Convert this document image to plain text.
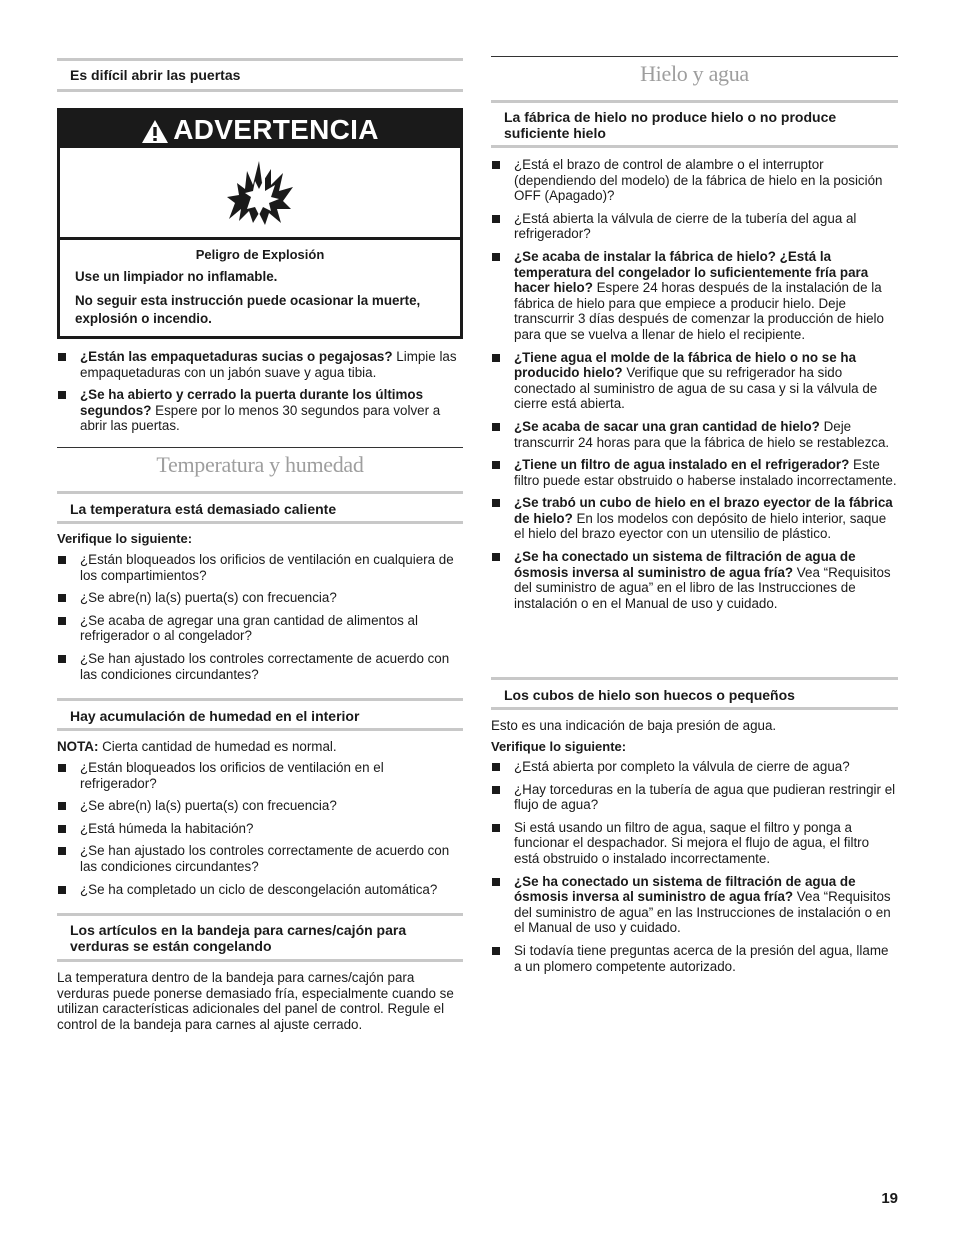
Es difícil abrir las puertas
ADVERTENCIA
Peligro de Explosión
Use un limpiador no inflamable.
No seguir esta instrucción puede ocasionar la muerte, explosión o incendio.
¿Están las empaquetaduras sucias o pegajosas? Limpie las empaquetaduras con un jabón suave y agua tibia.
¿Se ha abierto y cerrado la puerta durante los últimos segundos? Espere por lo menos 30 segundos para volver a abrir las puertas.
Temperatura y humedad
La temperatura está demasiado caliente
Verifique lo siguiente:
¿Están bloqueados los orificios de ventilación en cualquiera de los compartimientos?
¿Se abre(n) la(s) puerta(s) con frecuencia?
¿Se acaba de agregar una gran cantidad de alimentos al refrigerador o al congelador?
¿Se han ajustado los controles correctamente de acuerdo con las condiciones circundantes?
Hay acumulación de humedad en el interior
NOTA: Cierta cantidad de humedad es normal.
¿Están bloqueados los orificios de ventilación en el refrigerador?
¿Se abre(n) la(s) puerta(s) con frecuencia?
¿Está húmeda la habitación?
¿Se han ajustado los controles correctamente de acuerdo con las condiciones circundantes?
¿Se ha completado un ciclo de descongelación automática?
Los artículos en la bandeja para carnes/cajón para
verduras se están congelando
La temperatura dentro de la bandeja para carnes/cajón para verduras puede ponerse demasiado fría, especialmente cuando se utilizan características adicionales del panel de control. Regule el control de la bandeja para carnes al ajuste cerrado.
Hielo y agua
La fábrica de hielo no produce hielo o no produce
suficiente hielo
¿Está el brazo de control de alambre o el interruptor (dependiendo del modelo) de la fábrica de hielo en la posición OFF (Apagado)?
¿Está abierta la válvula de cierre de la tubería del agua al refrigerador?
¿Se acaba de instalar la fábrica de hielo? ¿Está la temperatura del congelador lo suficientemente fría para hacer hielo? Espere 24 horas después de la instalación de la fábrica de hielo para que empiece a producir hielo. Deje transcurrir 3 días después de comenzar la producción de hielo para que se vuelva a llenar de hielo el recipiente.
¿Tiene agua el molde de la fábrica de hielo o no se ha producido hielo? Verifique que su refrigerador ha sido conectado al suministro de agua de su casa y si la válvula de cierre está abierta.
¿Se acaba de sacar una gran cantidad de hielo? Deje transcurrir 24 horas para que la fábrica de hielo se restablezca.
¿Tiene un filtro de agua instalado en el refrigerador? Este filtro puede estar obstruido o haberse instalado incorrectamente.
¿Se trabó un cubo de hielo en el brazo eyector de la fábrica de hielo? En los modelos con depósito de hielo interior, saque el hielo del brazo eyector con un utensilio de plástico.
¿Se ha conectado un sistema de filtración de agua de ósmosis inversa al suministro de agua fría? Vea “Requisitos del suministro de agua” en el libro de las Instrucciones de instalación o en el Manual de uso y cuidado.
Los cubos de hielo son huecos o pequeños
Esto es una indicación de baja presión de agua.
Verifique lo siguiente:
¿Está abierta por completo la válvula de cierre de agua?
¿Hay torceduras en la tubería de agua que pudieran restringir el flujo de agua?
Si está usando un filtro de agua, saque el filtro y ponga a funcionar el despachador. Si mejora el flujo de agua, el filtro está obstruido o instalado incorrectamente.
¿Se ha conectado un sistema de filtración de agua de ósmosis inversa al suministro de agua fría? Vea “Requisitos del suministro de agua” en las Instrucciones de instalación o en el Manual de uso y cuidado.
Si todavía tiene preguntas acerca de la presión del agua, llame a un plomero competente autorizado.
19
